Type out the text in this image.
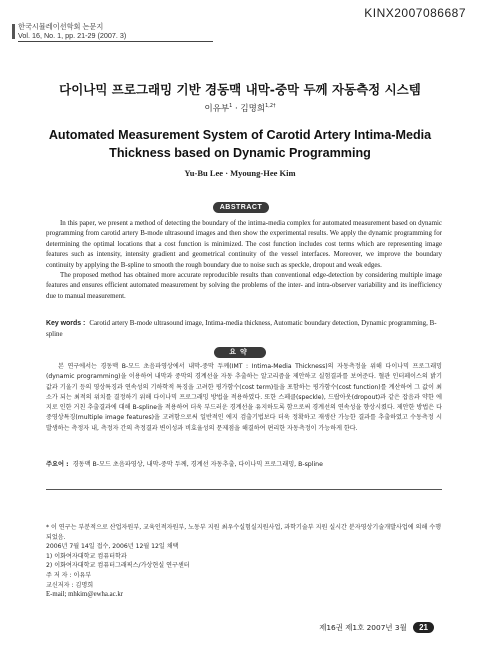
KINX2007086687
한국시뮬레이션학회 논문지
Vol. 16, No. 1, pp. 21-29 (2007. 3)
다이나믹 프로그래밍 기반 경동맥 내막-중막 두께 자동측정 시스템
이유부$^1$ · 김명희$^{1,2\dagger}$
Automated Measurement System of Carotid Artery Intima-Media Thickness based on Dynamic Programming
Yu-Bu Lee · Myoung-Hee Kim
ABSTRACT

In this paper, we present a method of detecting the boundary of the intima-media complex for automated measurement based on dynamic programming from carotid artery B-mode ultrasound images and then show the experimental results. We apply the dynamic programming for determining the optimal locations that a cost function is minimized. The cost function includes cost terms which are representing image features such as intensity, intensity gradient and geometrical continuity of the vessel interfaces. Moreover, we improve the boundary continuity by applying the B-spline to smooth the rough boundary due to noise such as speckle, dropout and weak edges.

The proposed method has obtained more accurate reproducible results than conventional edge-detection by considering multiple image features and ensures efficient automated measurement by solving the problems of the inter- and intra-observer variability and its inefficiency due to manual measurement.

Key words : Carotid artery B-mode ultrasound image, Intima-media thickness, Automatic boundary detection, Dynamic programming, B-spline
요약

본 연구에서는 경동맥 B-모드 초음파영상에서 내막-중막 두께(IMT : Intima-Media Thickness)의 자동측정을 위해 다이나믹 프로그래밍(dynamic programming)을 이용하여 내막과 중막의 경계선을 자동 추출하는 알고리즘을 제안하고 실험결과를 보여준다. 혈관 인터페이스의 밝기 값과 기울기 등의 영상특징과 연속성의 기하학적 특징을 고려한 평가함수(cost term)들을 포함하는 평가함수(cost function)를 계산하여 그 값이 최소가 되는 최적의 위치를 결정하기 위해 다이나믹 프로그래밍 방법을 적용하였다. 또한 스페클(speckle), 드랍아웃(dropout)과 같은 잡음과 약한 에지로 인한 거친 추출결과에 대해 B-spline을 적용하여 더욱 부드러운 경계선을 유지하도록 함으로써 경계선의 연속성을 향상시켰다. 제안한 방법은 다중영상특징(multiple image features)을 고려함으로써 일반적인 에지 검출기법보다 더욱 정확하고 재생산 가능한 결과를 추출하였고 수동측정 시 발생하는 측정자 내, 측정자 간의 측정결과 변이성과 비효율성의 문제점을 해결하여 편리한 자동측정이 가능하게 한다.

주요어 : 경동맥 B-모드 초음파영상, 내막-중막 두께, 경계선 자동추출, 다이나믹 프로그래밍, B-spline
* 이 연구는 부분적으로 산업자원부, 교육인적자원부, 노동부 지원 최우수실험실지원사업, 과학기술부 지원 실시간 분자영상기술개발사업에 의해 수행되었음.
2006년 7월 14일 접수, 2006년 12월 12일 채택
1) 이화여자대학교 컴퓨터학과
2) 이화여자대학교 컴퓨터그래픽스/가상현실 연구센터
주 저 자 : 이유부
교신저자 : 김명희
E-mail; mhkim@ewha.ac.kr
제16권 제1호 2007년 3월 21
